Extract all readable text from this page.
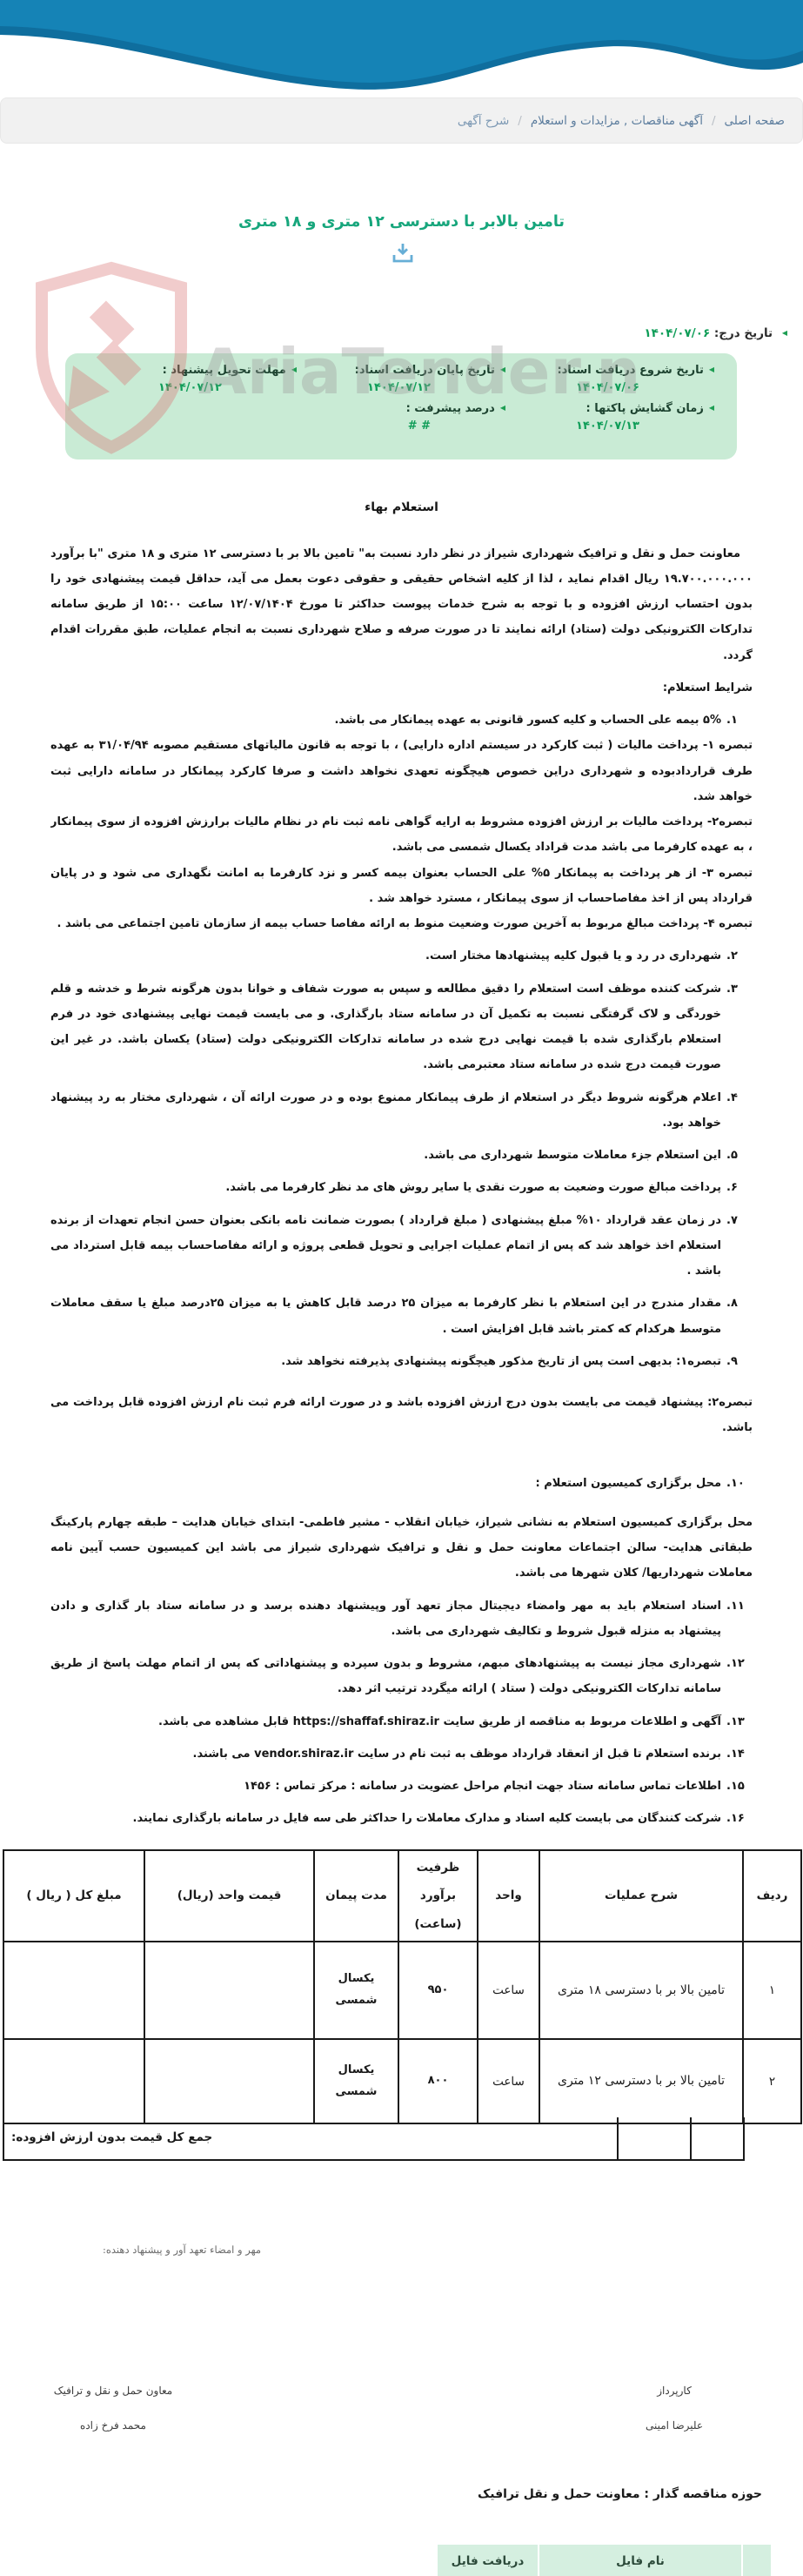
صفحه اصلی
/
آگهی مناقصات , مزایدات و استعلام
/
شرح آگهی
تامین بالابر با دسترسی ۱۲ متری و ۱۸ متری
◀ تاریخ درج: ۱۴۰۴/۰۷/۰۶
◀ تاریخ شروع دریافت اسناد:
۱۴۰۴/۰۷/۰۶
◀ تاریخ پایان دریافت اسناد:
۱۴۰۴/۰۷/۱۲
◀ مهلت تحویل پیشنهاد :
۱۴۰۴/۰۷/۱۲
◀ زمان گشایش پاکتها :
۱۴۰۴/۰۷/۱۳
◀ درصد پیشرفت :
# #
AriaTender.n
استعلام بهاء

معاونت حمل و نقل و ترافیک شهرداری شیراز در نظر دارد نسبت به" تامین بالا بر با دسترسی ۱۲ متری و ۱۸ متری "با برآورد ۱۹.۷۰۰.۰۰۰.۰۰۰ ریال اقدام نماید ، لذا از کلیه اشخاص حقیقی و حقوقی دعوت بعمل می آید، حداقل قیمت پیشنهادی خود را بدون احتساب ارزش افزوده و با توجه به شرح خدمات پیوست حداکثر تا مورخ ۱۲/۰۷/۱۴۰۴ ساعت ۱۵:۰۰ از طریق سامانه تدارکات الکترونیکی دولت (ستاد) ارائه نمایند تا در صورت صرفه و صلاح شهرداری نسبت به انجام عملیات، طبق مقررات اقدام گردد.

شرایط استعلام:
۱.
۵% بیمه علی الحساب و کلیه کسور قانونی به عهده پیمانکار می باشد.
تبصره ۱- پرداخت مالیات ( ثبت کارکرد در سیستم اداره دارایی) ، با توجه به قانون مالیاتهای مستقیم مصوبه ۳۱/۰۴/۹۴ به عهده طرف قراردادبوده و شهرداری دراین خصوص هیچگونه تعهدی نخواهد داشت و صرفا کارکرد پیمانکار در سامانه دارایی ثبت خواهد شد.
تبصره۲- پرداخت مالیات بر ارزش افزوده مشروط به ارایه گواهی نامه ثبت نام در نظام مالیات برارزش افزوده از سوی پیمانکار ، به عهده کارفرما می باشد مدت قراداد یکسال شمسی می باشد.
تبصره ۳- از هر پرداخت به پیمانکار ۵% علی الحساب بعنوان بیمه کسر و نزد کارفرما به امانت نگهداری می شود و در پایان قرارداد پس از اخذ مفاصاحساب از سوی پیمانکار ، مسترد خواهد شد .
تبصره ۴- پرداخت مبالغ مربوط به آخرین صورت وضعیت منوط به ارائه مفاصا حساب بیمه از سازمان تامین اجتماعی می باشد .
۲.
شهرداری در رد و یا قبول کلیه پیشنهادها مختار است.
۳.
شرکت کننده موظف است استعلام را دقیق مطالعه و سپس به صورت شفاف و خوانا بدون هرگونه شرط و خدشه و قلم خوردگی و لاک گرفتگی نسبت به تکمیل آن در سامانه ستاد بارگذاری. و می بایست قیمت نهایی پیشنهادی خود در فرم استعلام بارگذاری شده با قیمت نهایی درج شده در سامانه تدارکات الکترونیکی دولت (ستاد) یکسان باشد. در غیر این صورت قیمت درج شده در سامانه ستاد معتبرمی باشد.
۴.
اعلام هرگونه شروط دیگر در استعلام از طرف پیمانکار ممنوع بوده و در صورت ارائه آن ، شهرداری مختار به رد پیشنهاد خواهد بود.
۵.
این استعلام جزء معاملات متوسط شهرداری می باشد.
۶.
پرداخت مبالغ صورت وضعیت به صورت نقدی یا سایر روش های مد نظر کارفرما می باشد.
۷.
در زمان عقد قرارداد ۱۰% مبلغ پیشنهادی ( مبلغ قرارداد ) بصورت ضمانت نامه بانکی بعنوان حسن انجام تعهدات از برنده استعلام اخذ خواهد شد که پس از اتمام عملیات اجرایی و تحویل قطعی پروژه و ارائه مفاصاحساب بیمه قابل استرداد می باشد .
۸.
مقدار مندرج در این استعلام با نظر کارفرما به میزان ۲۵ درصد قابل کاهش یا به میزان ۲۵درصد مبلغ یا سقف معاملات متوسط هرکدام که کمتر باشد قابل افزایش است .
۹.
تبصره۱: بدیهی است پس از تاریخ مذکور هیچگونه پیشنهادی پذیرفته نخواهد شد.
تبصره۲: پیشنهاد قیمت می بایست بدون درج ارزش افزوده باشد و در صورت ارائه فرم ثبت نام ارزش افزوده قابل پرداخت می باشد.
۱۰.
محل برگزاری کمیسیون استعلام :
محل برگزاری کمیسیون استعلام به نشانی شیراز، خیابان انقلاب - مشیر فاطمی- ابتدای خیابان هدایت – طبقه چهارم پارکینگ طبقاتی هدایت- سالن اجتماعات معاونت حمل و نقل و ترافیک شهرداری شیراز می باشد این کمیسیون حسب آیین نامه معاملات شهرداریها/ کلان شهرها می باشد.
۱۱.
اسناد استعلام باید به مهر وامضاء دیجیتال مجاز تعهد آور وپیشنهاد دهنده برسد و در سامانه ستاد بار گذاری و دادن پیشنهاد به منزله قبول شروط و تکالیف شهرداری می باشد.
۱۲.
شهرداری مجاز نیست به پیشنهادهای مبهم، مشروط و بدون سپرده و پیشنهاداتی که پس از اتمام مهلت پاسخ از طریق سامانه تدارکات الکترونیکی دولت ( ستاد ) ارائه میگردد ترتیب اثر دهد.
۱۳.
آگهی و اطلاعات مربوط به مناقصه از طریق سایت https://shaffaf.shiraz.ir قابل مشاهده می باشد.
۱۴.
برنده استعلام تا قبل از انعقاد قرارداد موظف به ثبت نام در سایت vendor.shiraz.ir می باشند.
۱۵.
اطلاعات تماس سامانه ستاد جهت انجام مراحل عضویت در سامانه : مرکز تماس : ۱۴۵۶
۱۶.
شرکت کنندگان می بایست کلیه اسناد و مدارک معاملات را حداکثر طی سه فایل در سامانه بارگذاری نمایند.
ردیف	شرح عملیات	واحد	ظرفیت برآورد (ساعت)	مدت پیمان	قیمت واحد (ریال)	مبلغ کل ( ریال )
۱	تامین بالا بر با دسترسی ۱۸ متری	ساعت	۹۵۰	یکسال شمسی		
۲	تامین بالا بر با دسترسی ۱۲ متری	ساعت	۸۰۰	یکسال شمسی		
جمع کل قیمت بدون ارزش افزوده:
مهر و امضاء تعهد آور و پیشنهاد دهنده:
کارپرداز
علیرضا امینی
معاون حمل و نقل و ترافیک
محمد فرخ زاده
حوزه مناقصه گذار : معاونت حمل و نقل ترافیک
دریافت فایل	نام فایل
